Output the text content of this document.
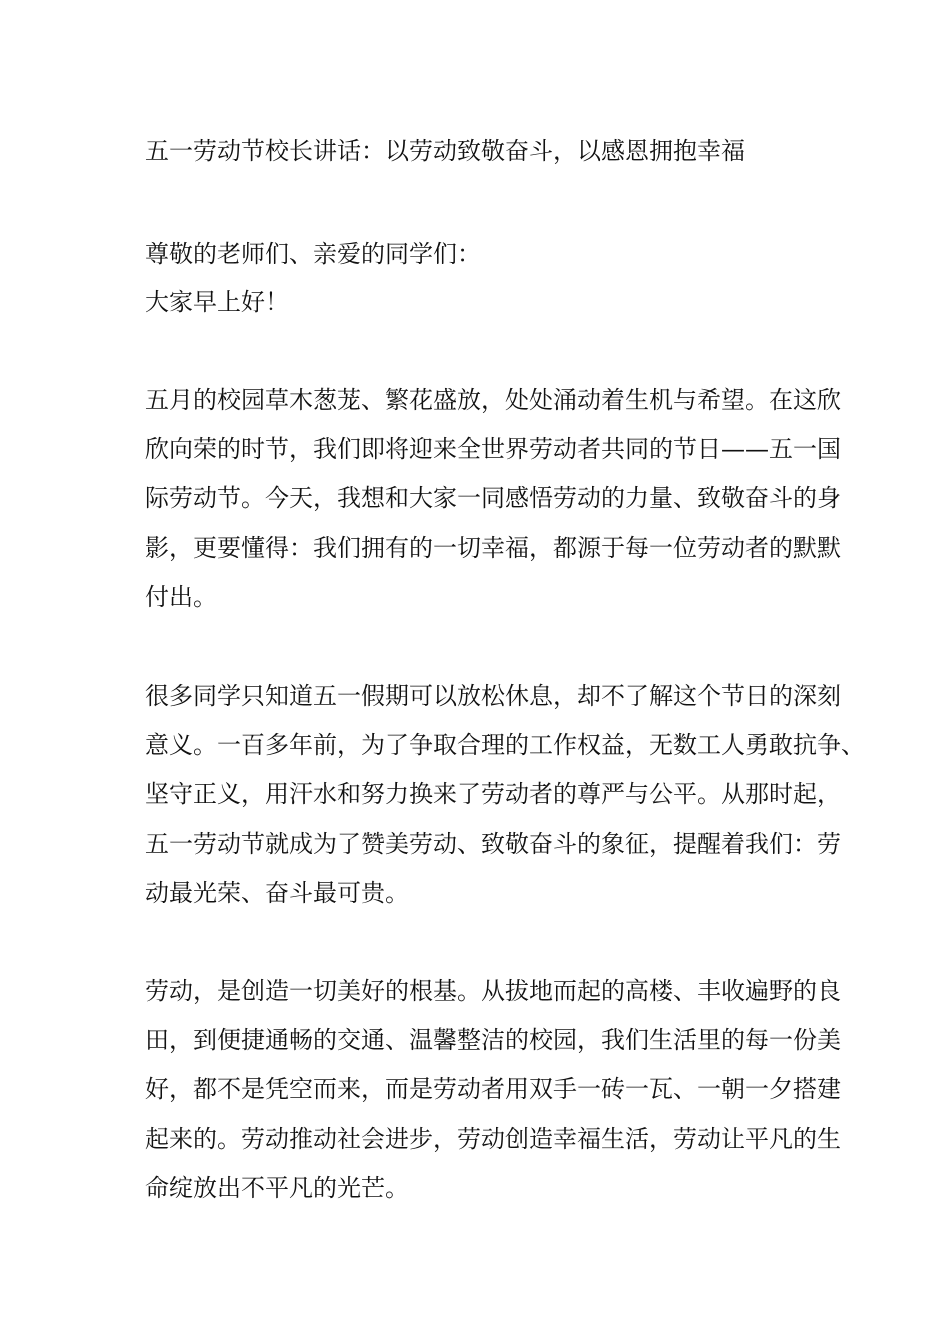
五一劳动节校长讲话：以劳动致敬奋斗，以感恩拥抱幸福
尊敬的老师们、亲爱的同学们：
大家早上好！
五月的校园草木葱茏、繁花盛放，处处涌动着生机与希望。在这欣
欣向荣的时节，我们即将迎来全世界劳动者共同的节日——五一国
际劳动节。今天，我想和大家一同感悟劳动的力量、致敬奋斗的身
影，更要懂得：我们拥有的一切幸福，都源于每一位劳动者的默默
付出。
很多同学只知道五一假期可以放松休息，却不了解这个节日的深刻
意义。一百多年前，为了争取合理的工作权益，无数工人勇敢抗争、
坚守正义，用汗水和努力换来了劳动者的尊严与公平。从那时起，
五一劳动节就成为了赞美劳动、致敬奋斗的象征，提醒着我们：劳
动最光荣、奋斗最可贵。
劳动，是创造一切美好的根基。从拔地而起的高楼、丰收遍野的良
田，到便捷通畅的交通、温馨整洁的校园，我们生活里的每一份美
好，都不是凭空而来，而是劳动者用双手一砖一瓦、一朝一夕搭建
起来的。劳动推动社会进步，劳动创造幸福生活，劳动让平凡的生
命绽放出不平凡的光芒。
